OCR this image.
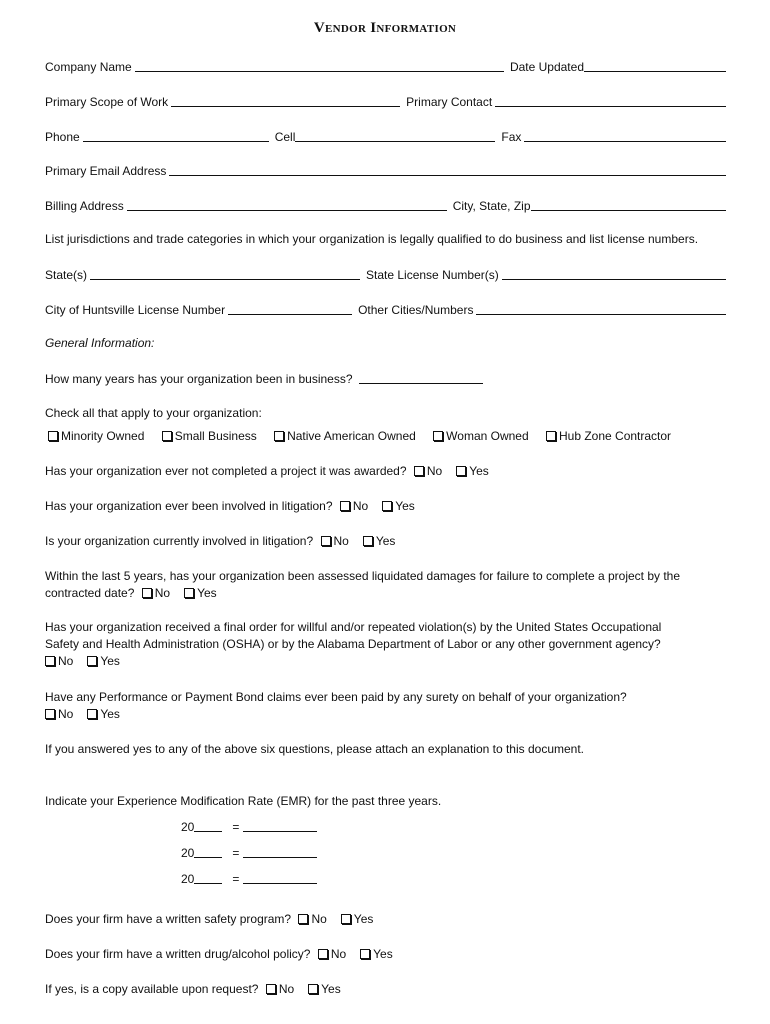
Vendor Information
Company Name	Date Updated
Primary Scope of Work	Primary Contact
Phone	Cell	Fax
Primary Email Address
Billing Address	City, State, Zip
List jurisdictions and trade categories in which your organization is legally qualified to do business and list license numbers.
State(s)	State License Number(s)
City of Huntsville License Number	Other Cities/Numbers
General Information:
How many years has your organization been in business?
Check all that apply to your organization:
Minority Owned	Small Business	Native American Owned	Woman Owned	Hub Zone Contractor
Has your organization ever not completed a project it was awarded? No Yes
Has your organization ever been involved in litigation? No Yes
Is your organization currently involved in litigation? No Yes
Within the last 5 years, has your organization been assessed liquidated damages for failure to complete a project by the
contracted date? No Yes
Has your organization received a final order for willful and/or repeated violation(s) by the United States Occupational
Safety and Health Administration (OSHA) or by the Alabama Department of Labor or any other government agency?
No Yes
Have any Performance or Payment Bond claims ever been paid by any surety on behalf of your organization?
No Yes
If you answered yes to any of the above six questions, please attach an explanation to this document.
Indicate your Experience Modification Rate (EMR) for the past three years.
20	=
20	=
20	=
Does your firm have a written safety program? No Yes
Does your firm have a written drug/alcohol policy? No Yes
If yes, is a copy available upon request? No Yes
